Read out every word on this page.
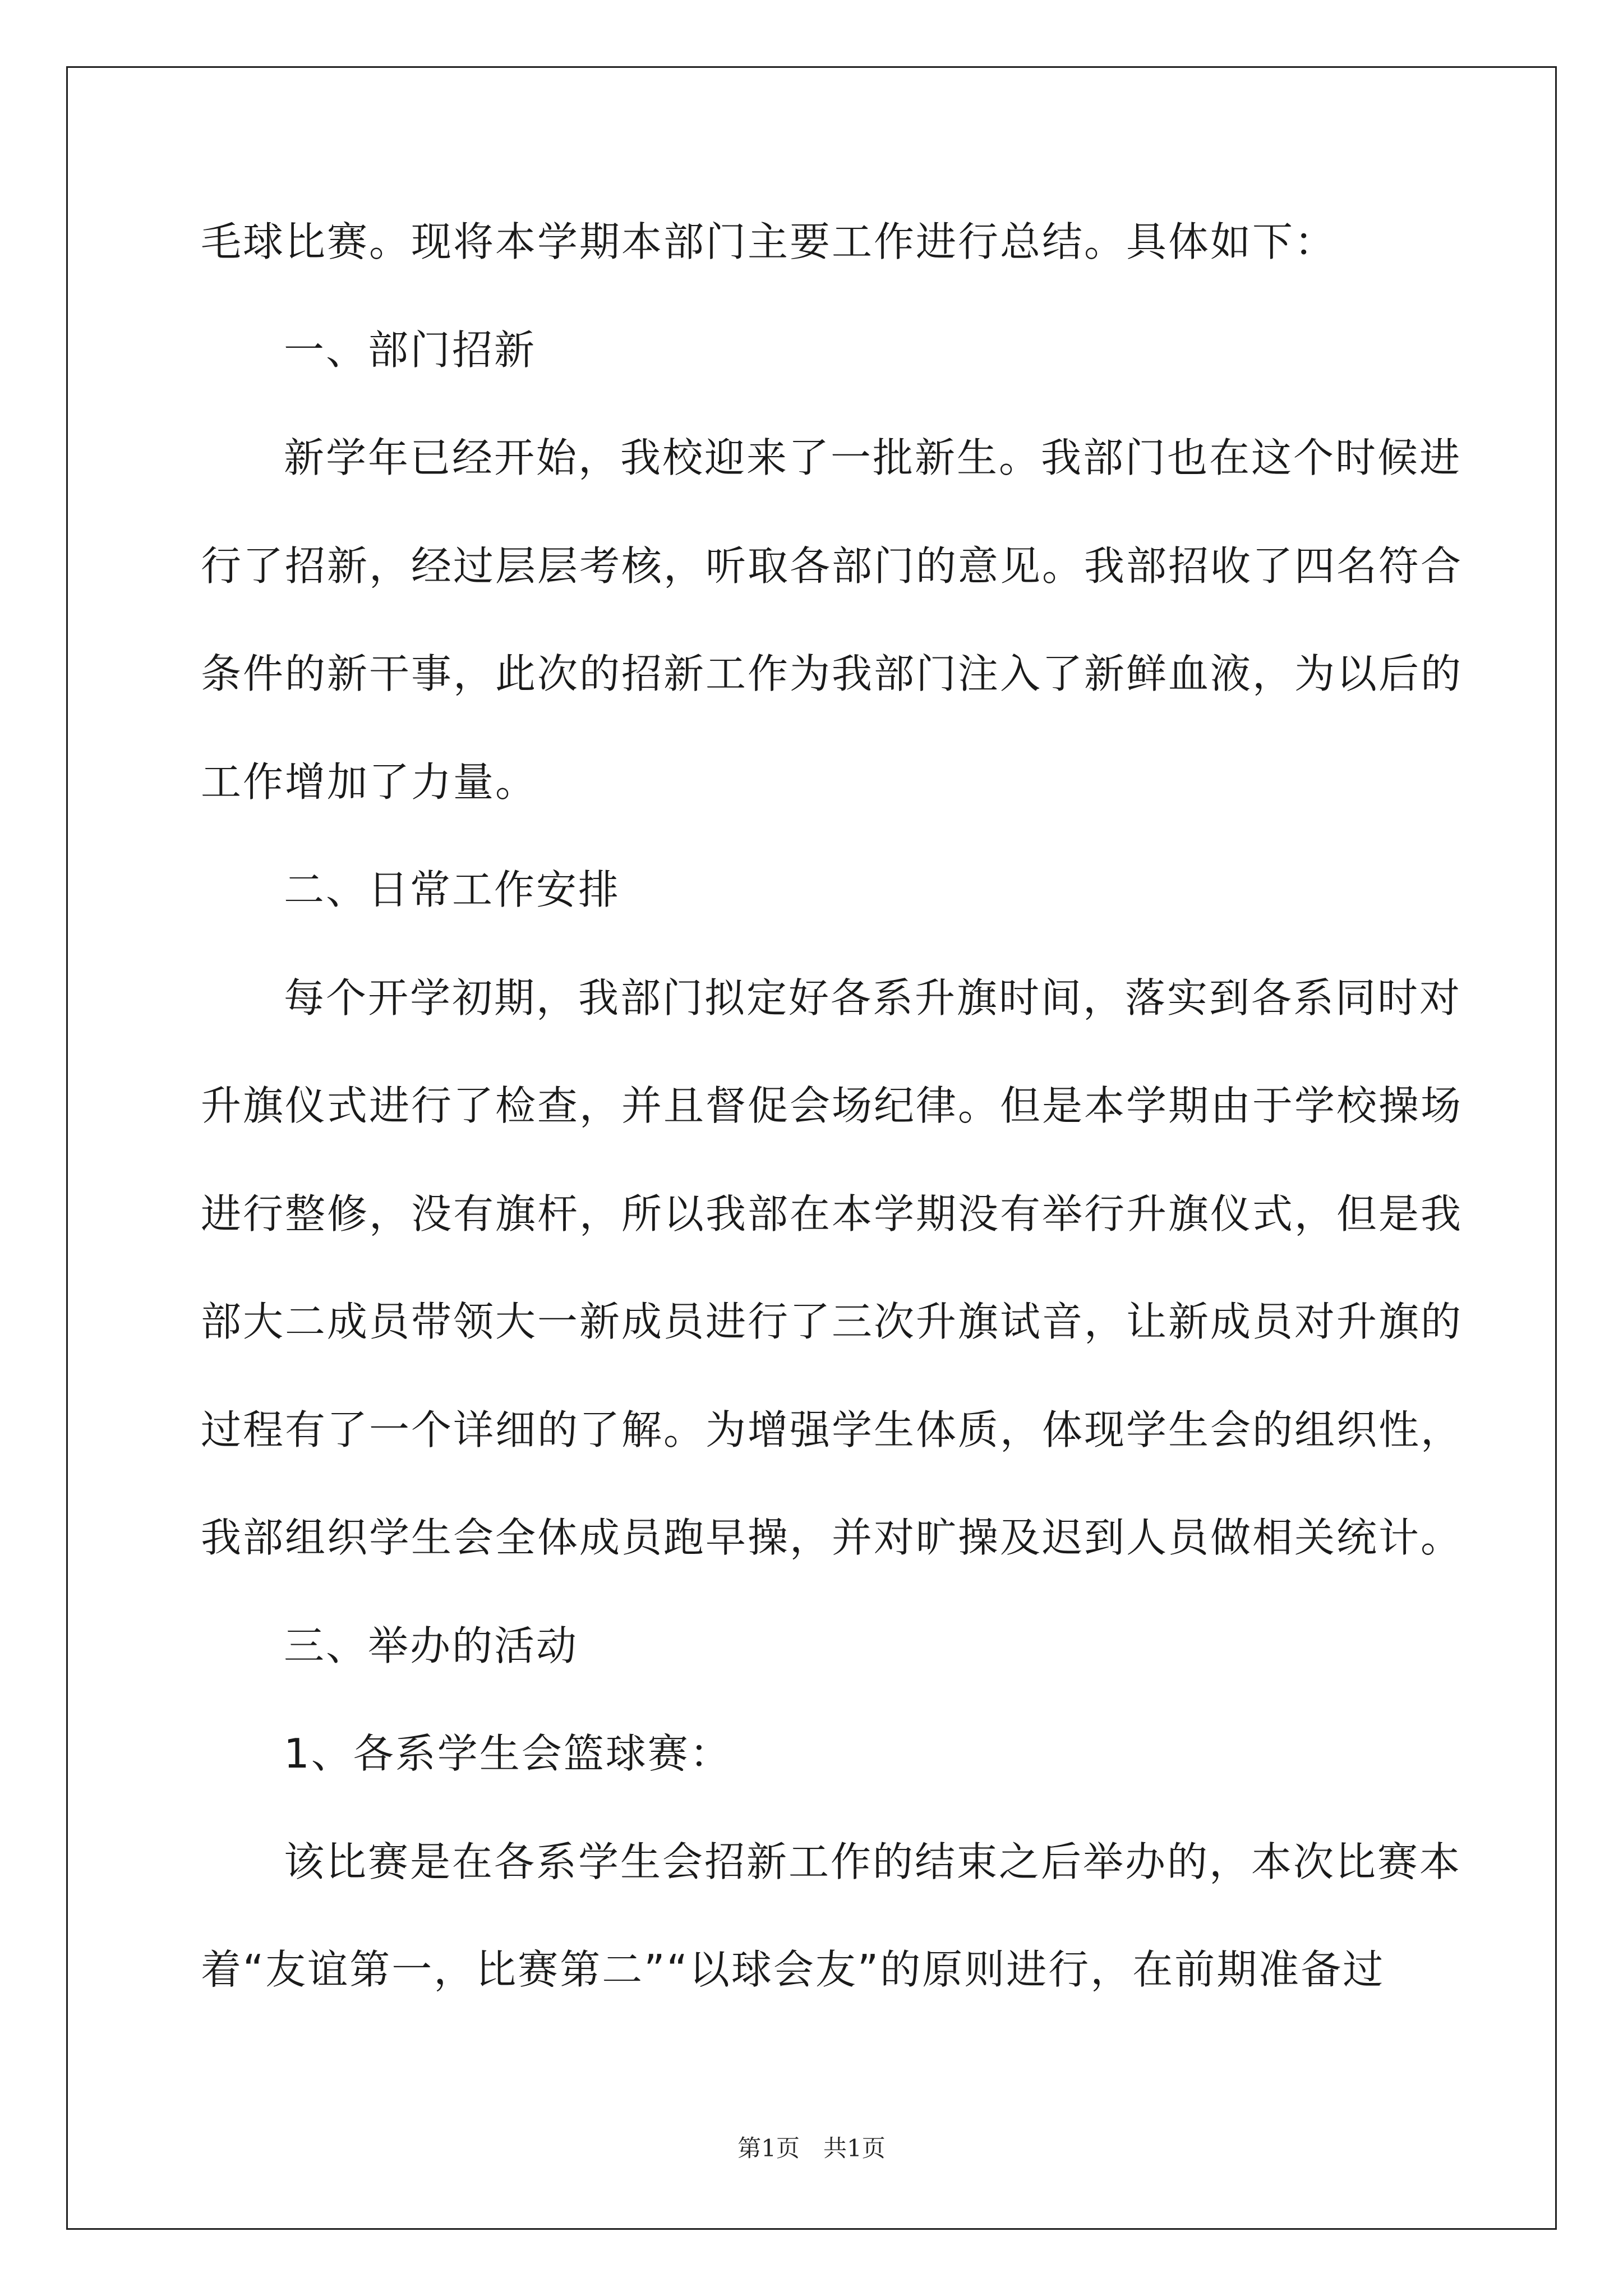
毛球比赛。现将本学期本部门主要工作进行总结。具体如下：
一、部门招新
新学年已经开始，我校迎来了一批新生。我部门也在这个时候进
行了招新，经过层层考核，听取各部门的意见。我部招收了四名符合
条件的新干事，此次的招新工作为我部门注入了新鲜血液，为以后的
工作增加了力量。
二、日常工作安排
每个开学初期，我部门拟定好各系升旗时间，落实到各系同时对
升旗仪式进行了检查，并且督促会场纪律。但是本学期由于学校操场
进行整修，没有旗杆，所以我部在本学期没有举行升旗仪式，但是我
部大二成员带领大一新成员进行了三次升旗试音，让新成员对升旗的
过程有了一个详细的了解。为增强学生体质，体现学生会的组织性，
我部组织学生会全体成员跑早操，并对旷操及迟到人员做相关统计。
三、举办的活动
1、各系学生会篮球赛：
该比赛是在各系学生会招新工作的结束之后举办的，本次比赛本
着“友谊第一，比赛第二”“以球会友”的原则进行，在前期准备过
第1页　共1页
